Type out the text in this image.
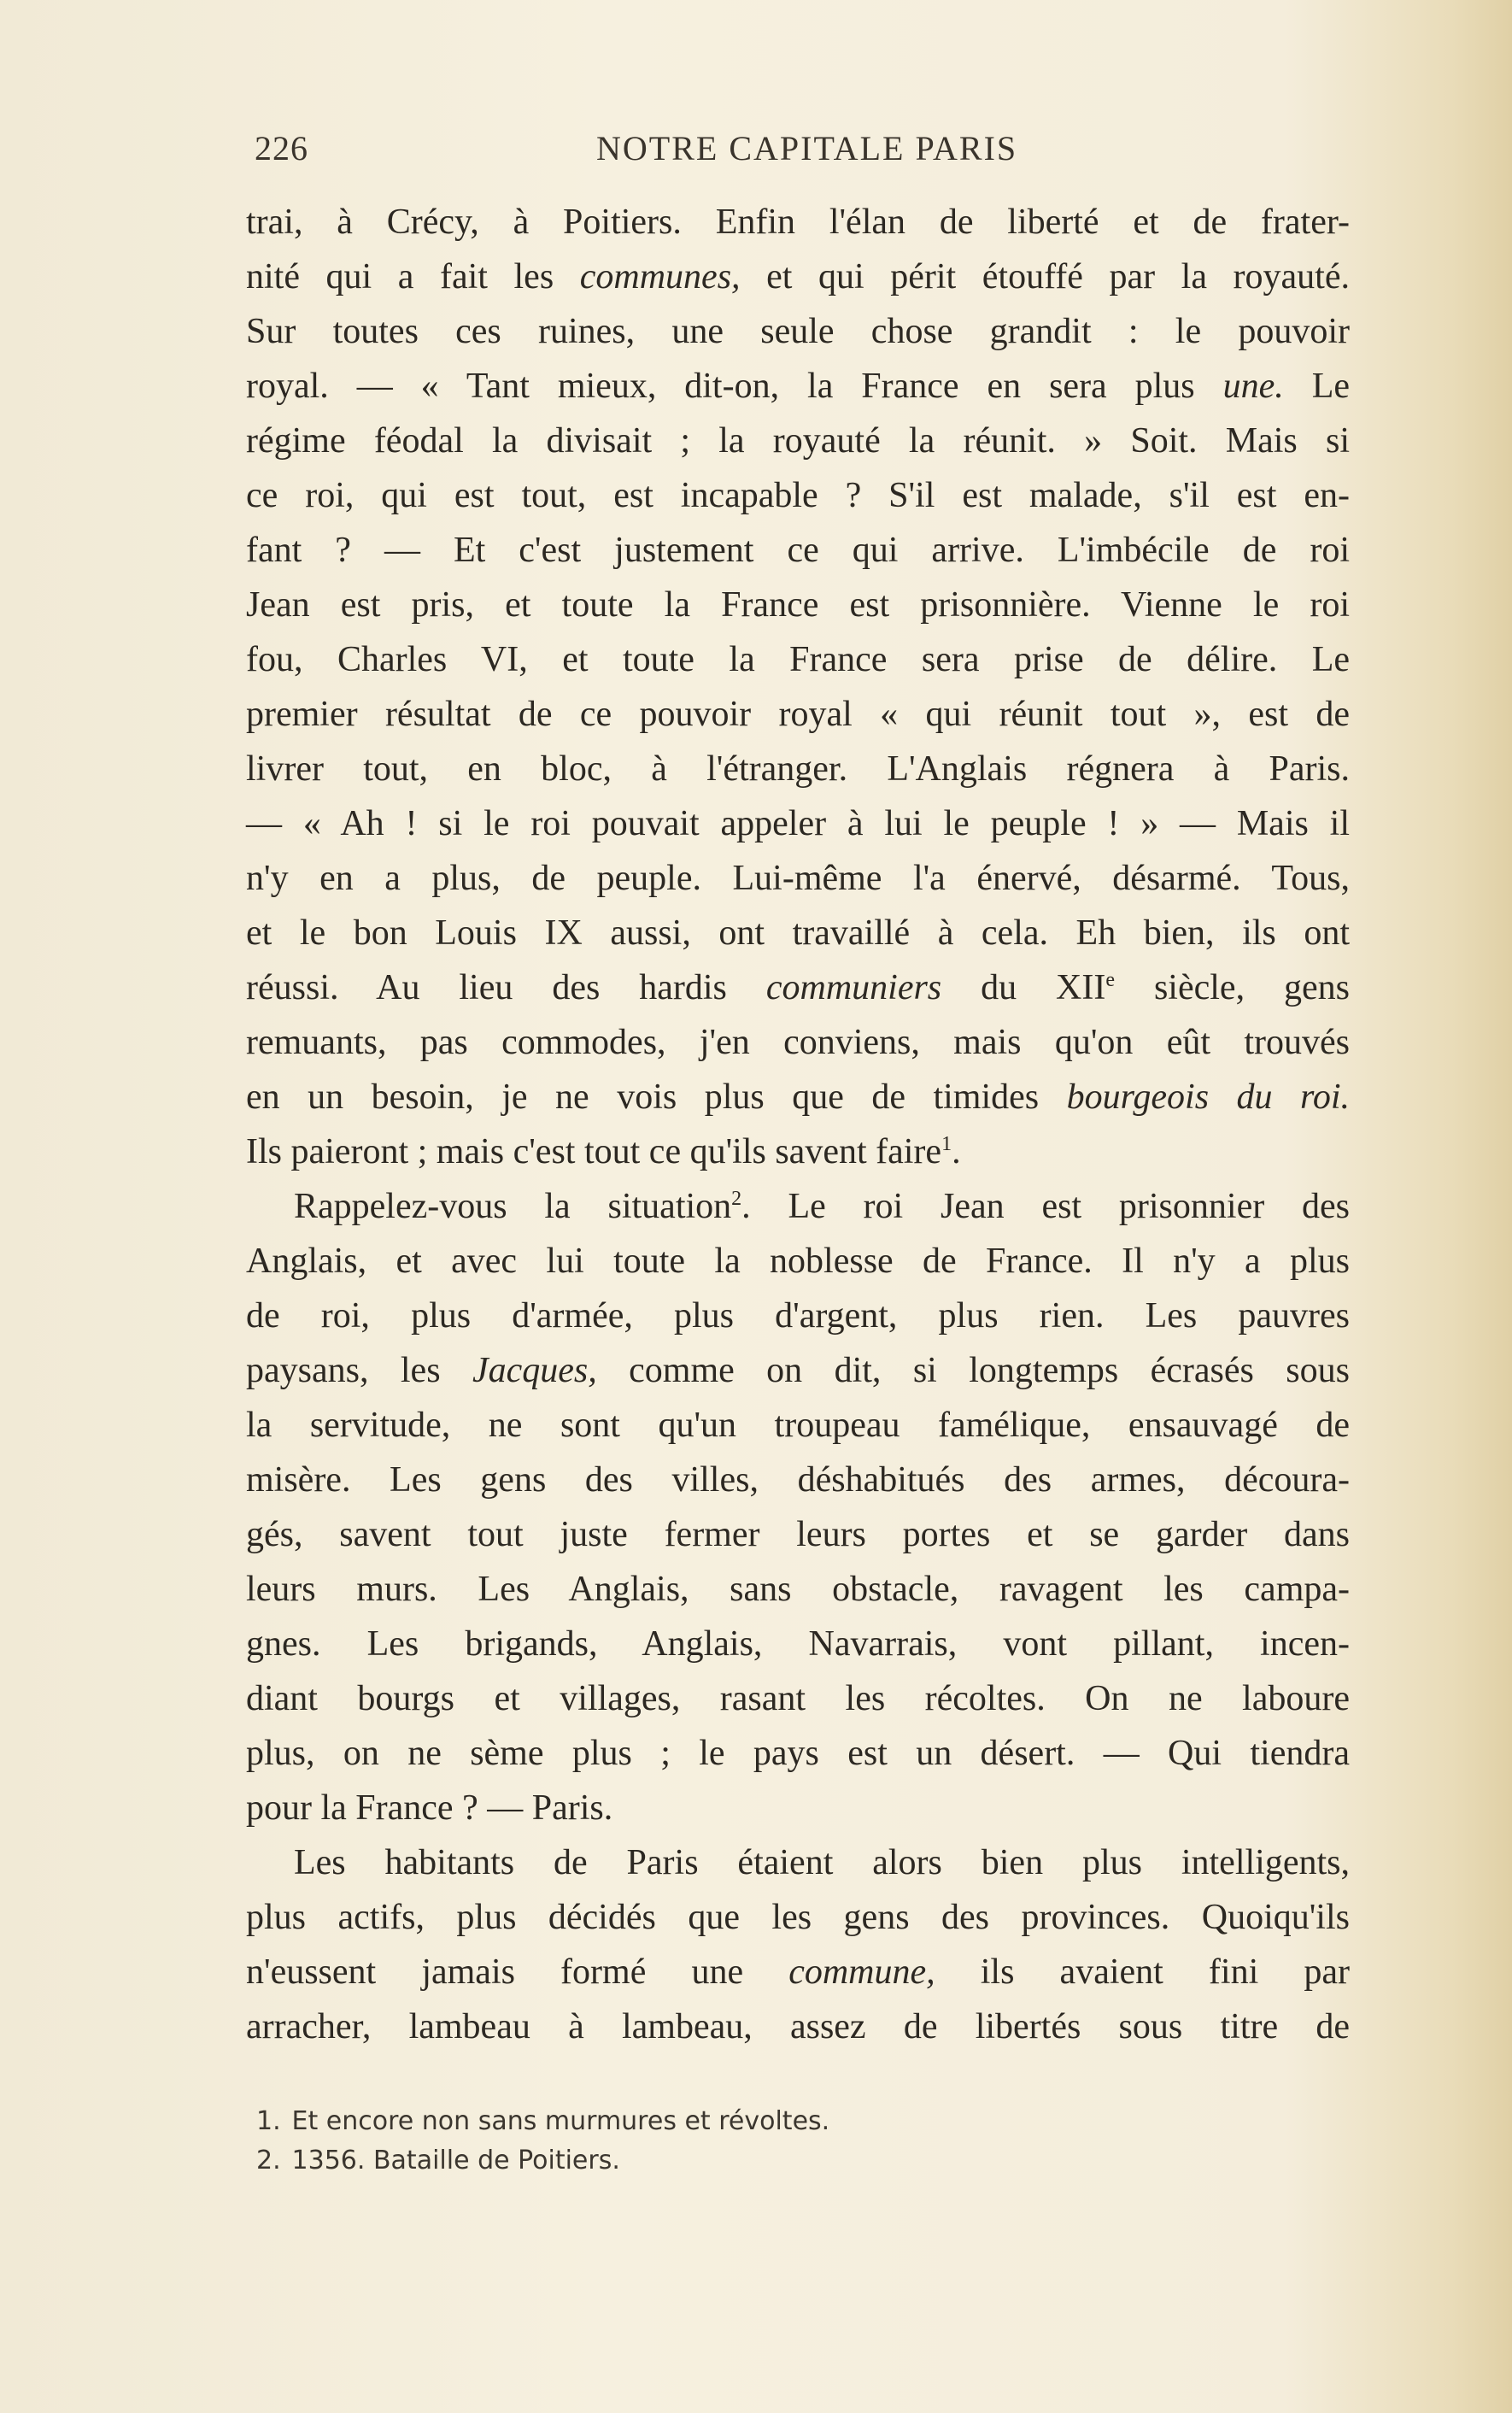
226	NOTRE CAPITALE PARIS

trai, à Crécy, à Poitiers. Enfin l'élan de liberté et de frater-
nité qui a fait les communes, et qui périt étouffé par la royauté.
Sur toutes ces ruines, une seule chose grandit : le pouvoir
royal. — « Tant mieux, dit-on, la France en sera plus une. Le
régime féodal la divisait ; la royauté la réunit. » Soit. Mais si
ce roi, qui est tout, est incapable ? S'il est malade, s'il est en-
fant ? — Et c'est justement ce qui arrive. L'imbécile de roi
Jean est pris, et toute la France est prisonnière. Vienne le roi
fou, Charles VI, et toute la France sera prise de délire. Le
premier résultat de ce pouvoir royal « qui réunit tout », est de
livrer tout, en bloc, à l'étranger. L'Anglais régnera à Paris.
— « Ah ! si le roi pouvait appeler à lui le peuple ! » — Mais il
n'y en a plus, de peuple. Lui-même l'a énervé, désarmé. Tous,
et le bon Louis IX aussi, ont travaillé à cela. Eh bien, ils ont
réussi. Au lieu des hardis communiers du XIIe siècle, gens
remuants, pas commodes, j'en conviens, mais qu'on eût trouvés
en un besoin, je ne vois plus que de timides bourgeois du roi.
Ils paieront ; mais c'est tout ce qu'ils savent faire$^1$.

Rappelez-vous la situation$^2$. Le roi Jean est prisonnier des
Anglais, et avec lui toute la noblesse de France. Il n'y a plus
de roi, plus d'armée, plus d'argent, plus rien. Les pauvres
paysans, les Jacques, comme on dit, si longtemps écrasés sous
la servitude, ne sont qu'un troupeau famélique, ensauvagé de
misère. Les gens des villes, déshabitués des armes, découra-
gés, savent tout juste fermer leurs portes et se garder dans
leurs murs. Les Anglais, sans obstacle, ravagent les campa-
gnes. Les brigands, Anglais, Navarrais, vont pillant, incen-
diant bourgs et villages, rasant les récoltes. On ne laboure
plus, on ne sème plus ; le pays est un désert. — Qui tiendra
pour la France ? — Paris.

Les habitants de Paris étaient alors bien plus intelligents,
plus actifs, plus décidés que les gens des provinces. Quoiqu'ils
n'eussent jamais formé une commune, ils avaient fini par
arracher, lambeau à lambeau, assez de libertés sous titre de

1. Et encore non sans murmures et révoltes.
2. 1356. Bataille de Poitiers.
